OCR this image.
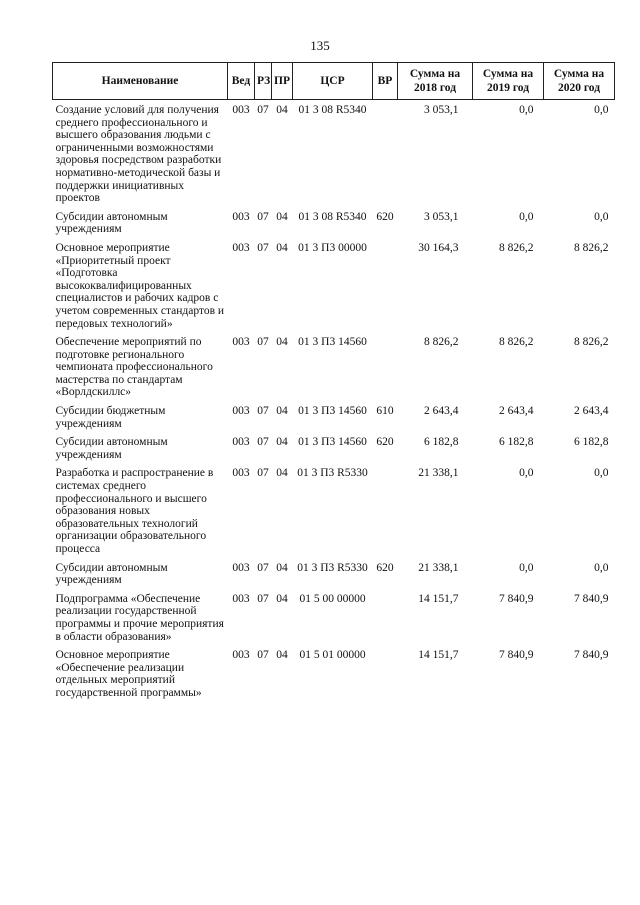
135
Наименование	Вед	РЗ	ПР	ЦСР	ВР	Сумма на 2018 год	Сумма на 2019 год	Сумма на 2020 год
Создание условий для получения среднего профессионального и высшего образования людьми с ограниченными возможностями здоровья посредством разработки нормативно-методической базы и поддержки инициативных проектов	003	07	04	01 3 08 R5340		3 053,1	0,0	0,0
Субсидии автономным учреждениям	003	07	04	01 3 08 R5340	620	3 053,1	0,0	0,0
Основное мероприятие «Приоритетный проект «Подготовка высококвалифицированных специалистов и рабочих кадров с учетом современных стандартов и передовых технологий»	003	07	04	01 3 П3 00000		30 164,3	8 826,2	8 826,2
Обеспечение мероприятий по подготовке регионального чемпионата профессионального мастерства по стандартам «Ворлдскиллс»	003	07	04	01 3 П3 14560		8 826,2	8 826,2	8 826,2
Субсидии бюджетным учреждениям	003	07	04	01 3 П3 14560	610	2 643,4	2 643,4	2 643,4
Субсидии автономным учреждениям	003	07	04	01 3 П3 14560	620	6 182,8	6 182,8	6 182,8
Разработка и распространение в системах среднего профессионального и высшего образования новых образовательных технологий организации образовательного процесса	003	07	04	01 3 П3 R5330		21 338,1	0,0	0,0
Субсидии автономным учреждениям	003	07	04	01 3 П3 R5330	620	21 338,1	0,0	0,0
Подпрограмма «Обеспечение реализации государственной программы и прочие мероприятия в области образования»	003	07	04	01 5 00 00000		14 151,7	7 840,9	7 840,9
Основное мероприятие «Обеспечение реализации отдельных мероприятий государственной программы»	003	07	04	01 5 01 00000		14 151,7	7 840,9	7 840,9
